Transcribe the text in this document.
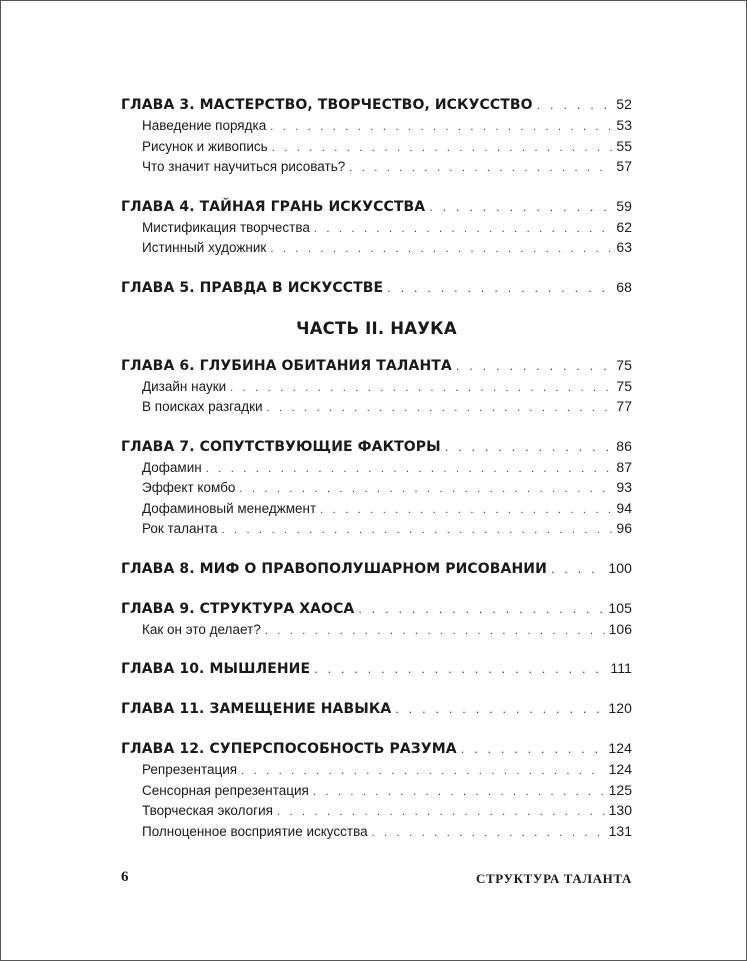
ГЛАВА 3. МАСТЕРСТВО, ТВОРЧЕСТВО, ИСКУССТВО . . .	52
Наведение порядка . . .	53
Рисунок и живопись . . .	55
Что значит научиться рисовать? . . .	57
ГЛАВА 4. ТАЙНАЯ ГРАНЬ ИСКУССТВА . . .	59
Мистификация творчества . . .	62
Истинный художник . . .	63
ГЛАВА 5. ПРАВДА В ИСКУССТВЕ . . .	68
ЧАСТЬ II. НАУКА
ГЛАВА 6. ГЛУБИНА ОБИТАНИЯ ТАЛАНТА . . .	75
Дизайн науки . . .	75
В поисках разгадки . . .	77
ГЛАВА 7. СОПУТСТВУЮЩИЕ ФАКТОРЫ . . .	86
Дофамин . . .	87
Эффект комбо . . .	93
Дофаминовый менеджмент . . .	94
Рок таланта . . .	96
ГЛАВА 8. МИФ О ПРАВОПОЛУШАРНОМ РИСОВАНИИ . . .	100
ГЛАВА 9. СТРУКТУРА ХАОСА . . .	105
Как он это делает? . . .	106
ГЛАВА 10. МЫШЛЕНИЕ . . .	111
ГЛАВА 11. ЗАМЕЩЕНИЕ НАВЫКА . . .	120
ГЛАВА 12. СУПЕРСПОСОБНОСТЬ РАЗУМА . . .	124
Репрезентация . . .	124
Сенсорная репрезентация . . .	125
Творческая экология . . .	130
Полноценное восприятие искусства . . .	131
6	СТРУКТУРА ТАЛАНТА
